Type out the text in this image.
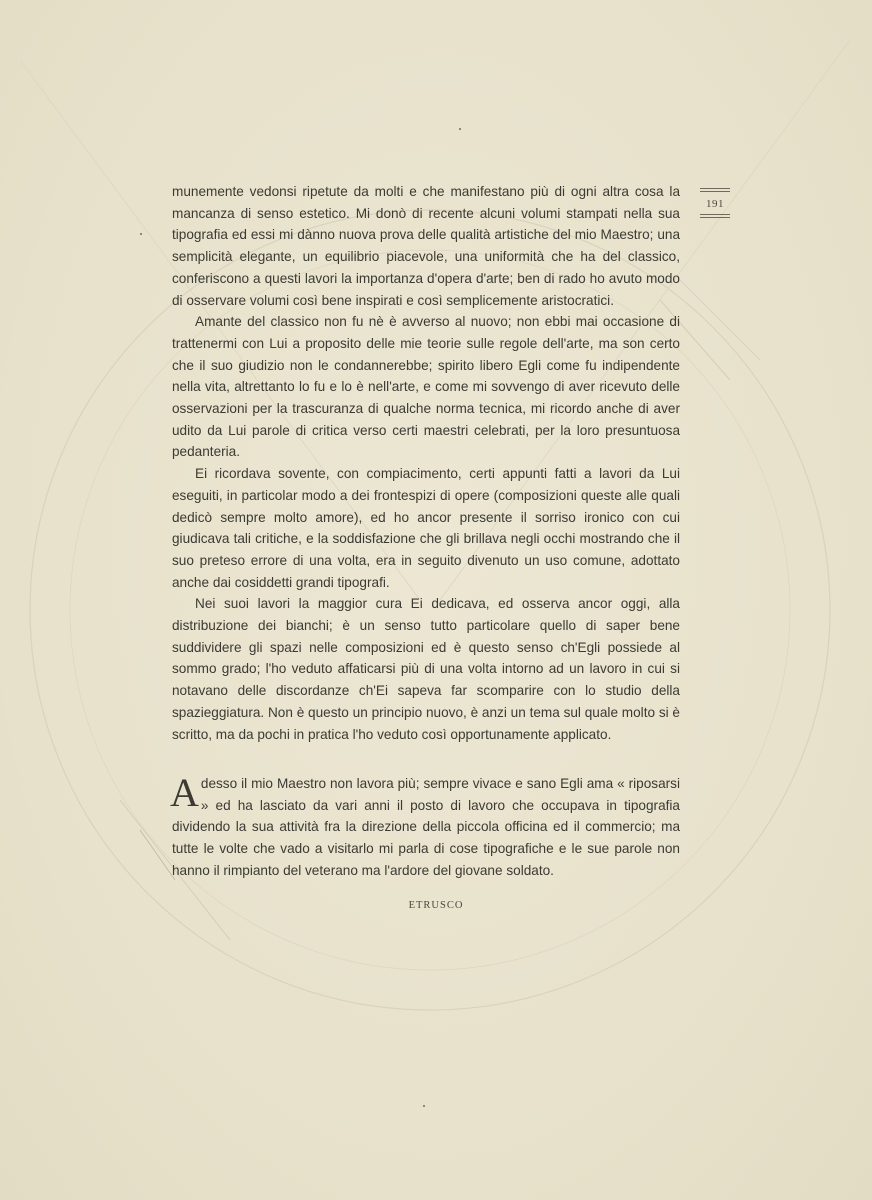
191

munemente vedonsi ripetute da molti e che manifestano più di ogni altra cosa la mancanza di senso estetico. Mi donò di recente alcuni volumi stampati nella sua tipografia ed essi mi dànno nuova prova delle qualità artistiche del mio Maestro; una semplicità elegante, un equilibrio piacevole, una uniformità che ha del classico, conferiscono a questi lavori la importanza d'opera d'arte; ben di rado ho avuto modo di osservare volumi così bene inspirati e così semplicemente aristocratici.

Amante del classico non fu nè è avverso al nuovo; non ebbi mai occasione di trattenermi con Lui a proposito delle mie teorie sulle regole dell'arte, ma son certo che il suo giudizio non le condannerebbe; spirito libero Egli come fu indipendente nella vita, altrettanto lo fu e lo è nell'arte, e come mi sovvengo di aver ricevuto delle osservazioni per la trascuranza di qualche norma tecnica, mi ricordo anche di aver udito da Lui parole di critica verso certi maestri celebrati, per la loro presuntuosa pedanteria.

Ei ricordava sovente, con compiacimento, certi appunti fatti a lavori da Lui eseguiti, in particolar modo a dei frontespizi di opere (composizioni queste alle quali dedicò sempre molto amore), ed ho ancor presente il sorriso ironico con cui giudicava tali critiche, e la soddisfazione che gli brillava negli occhi mostrando che il suo preteso errore di una volta, era in seguito divenuto un uso comune, adottato anche dai cosiddetti grandi tipografi.

Nei suoi lavori la maggior cura Ei dedicava, ed osserva ancor oggi, alla distribuzione dei bianchi; è un senso tutto particolare quello di saper bene suddividere gli spazi nelle composizioni ed è questo senso ch'Egli possiede al sommo grado; l'ho veduto affaticarsi più di una volta intorno ad un lavoro in cui si notavano delle discordanze ch'Ei sapeva far scomparire con lo studio della spazieggiatura. Non è questo un principio nuovo, è anzi un tema sul quale molto si è scritto, ma da pochi in pratica l'ho veduto così opportunamente applicato.

A desso il mio Maestro non lavora più; sempre vivace e sano Egli ama « riposarsi » ed ha lasciato da vari anni il posto di lavoro che occupava in tipografia dividendo la sua attività fra la direzione della piccola officina ed il commercio; ma tutte le volte che vado a visitarlo mi parla di cose tipografiche e le sue parole non hanno il rimpianto del veterano ma l'ardore del giovane soldato.
ETRUSCO
